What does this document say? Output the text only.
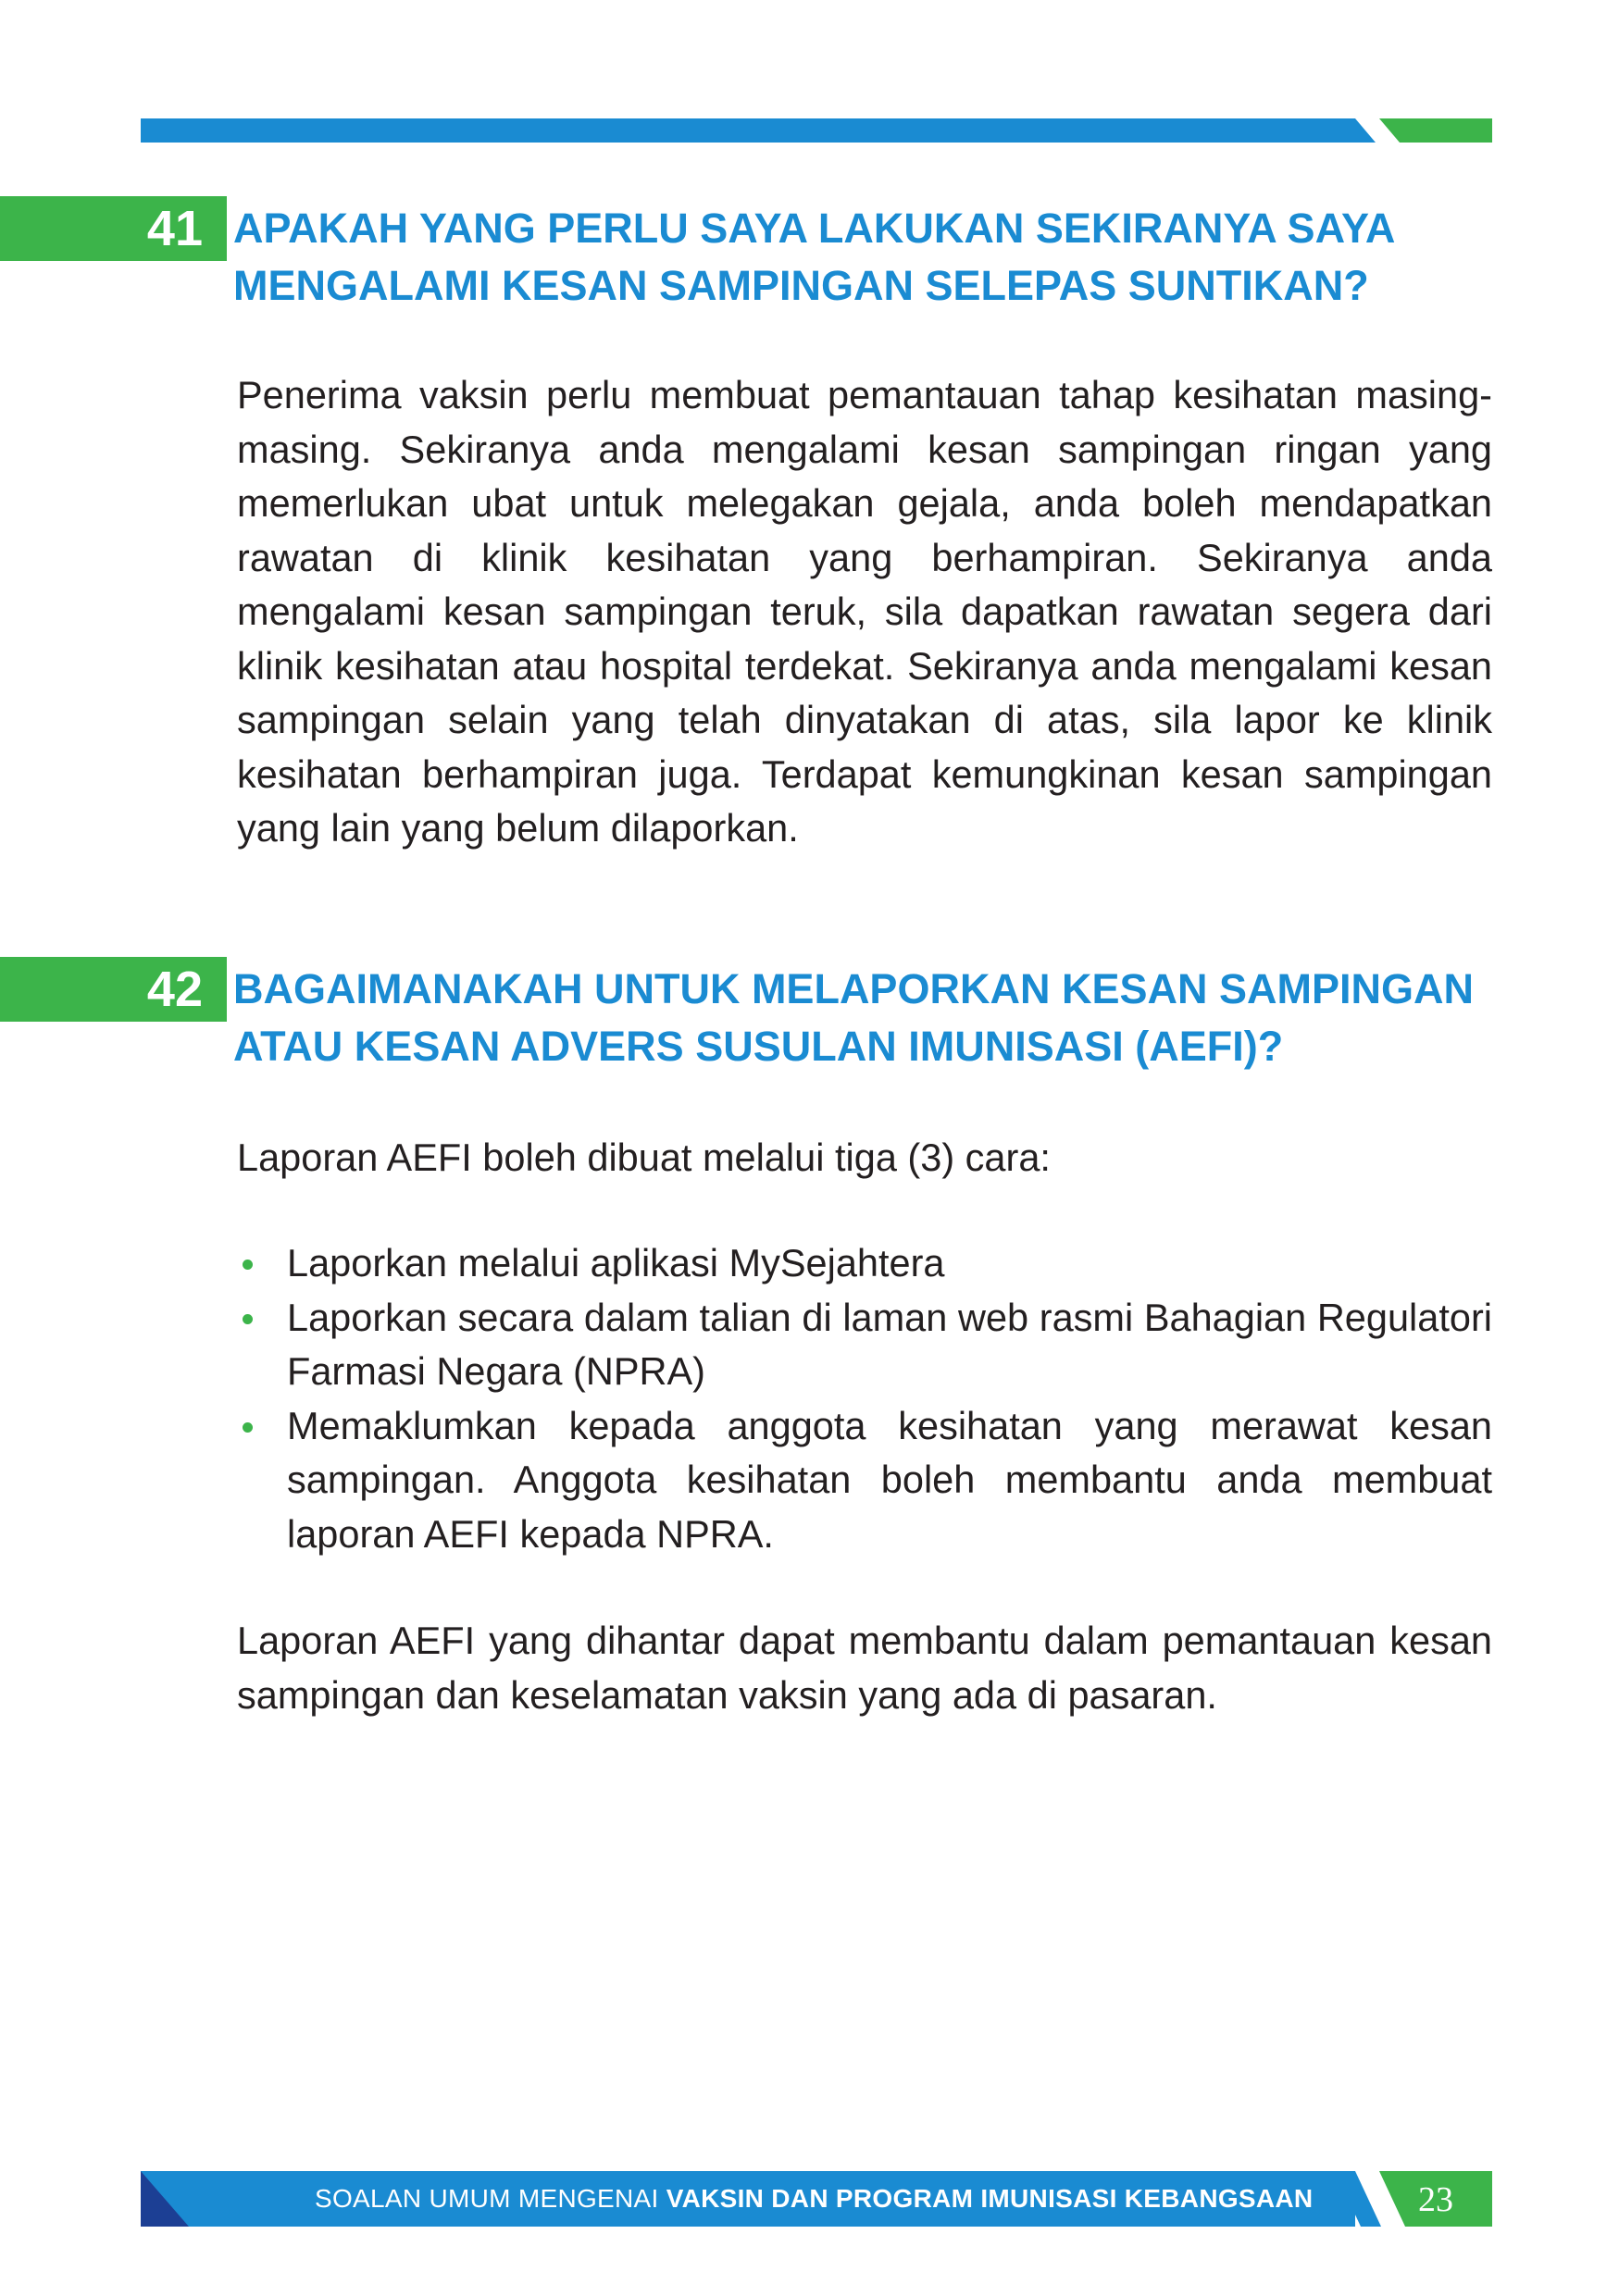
41 APAKAH YANG PERLU SAYA LAKUKAN SEKIRANYA SAYA
MENGALAMI KESAN SAMPINGAN SELEPAS SUNTIKAN?
Penerima vaksin perlu membuat pemantauan tahap kesihatan masing-masing. Sekiranya anda mengalami kesan sampingan ringan yang memerlukan ubat untuk melegakan gejala, anda boleh mendapatkan rawatan di klinik kesihatan yang berhampiran. Sekiranya anda mengalami kesan sampingan teruk, sila dapatkan rawatan segera dari klinik kesihatan atau hospital terdekat. Sekiranya anda mengalami kesan sampingan selain yang telah dinyatakan di atas, sila lapor ke klinik kesihatan berhampiran juga. Terdapat kemungkinan kesan sampingan yang lain yang belum dilaporkan.
42 BAGAIMANAKAH UNTUK MELAPORKAN KESAN SAMPINGAN
ATAU KESAN ADVERS SUSULAN IMUNISASI (AEFI)?
Laporan AEFI boleh dibuat melalui tiga (3) cara:
Laporkan melalui aplikasi MySejahtera
Laporkan secara dalam talian di laman web rasmi Bahagian Regulatori Farmasi Negara (NPRA)
Memaklumkan kepada anggota kesihatan yang merawat kesan sampingan. Anggota kesihatan boleh membantu anda membuat laporan AEFI kepada NPRA.
Laporan AEFI yang dihantar dapat membantu dalam pemantauan kesan sampingan dan keselamatan vaksin yang ada di pasaran.
SOALAN UMUM MENGENAI VAKSIN DAN PROGRAM IMUNISASI KEBANGSAAN	23
